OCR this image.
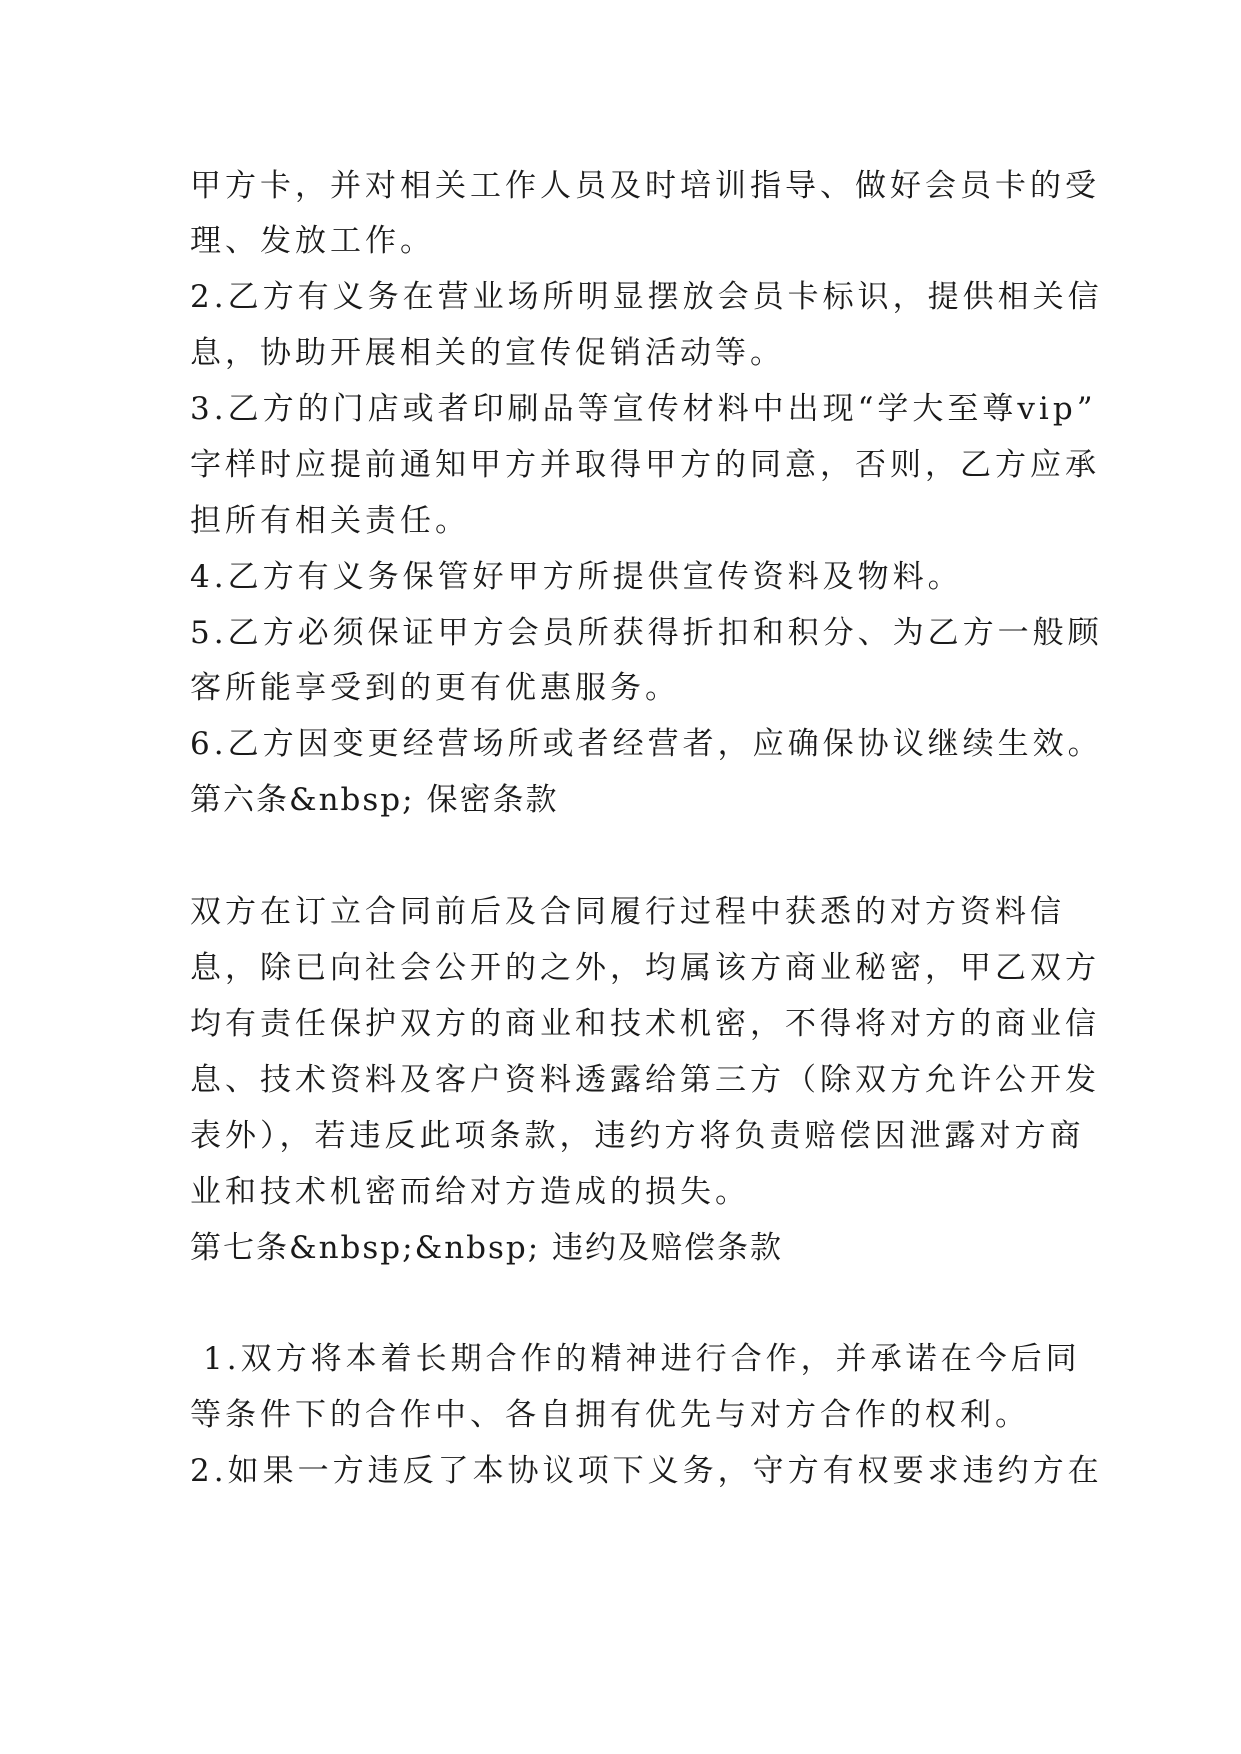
甲方卡，并对相关工作人员及时培训指导、做好会员卡的受
理、发放工作。
2.乙方有义务在营业场所明显摆放会员卡标识，提供相关信
息，协助开展相关的宣传促销活动等。
3.乙方的门店或者印刷品等宣传材料中出现“学大至尊vip”
字样时应提前通知甲方并取得甲方的同意，否则，乙方应承
担所有相关责任。
4.乙方有义务保管好甲方所提供宣传资料及物料。
5.乙方必须保证甲方会员所获得折扣和积分、为乙方一般顾
客所能享受到的更有优惠服务。
6.乙方因变更经营场所或者经营者，应确保协议继续生效。
第六条&nbsp; 保密条款
双方在订立合同前后及合同履行过程中获悉的对方资料信
息，除已向社会公开的之外，均属该方商业秘密，甲乙双方
均有责任保护双方的商业和技术机密，不得将对方的商业信
息、技术资料及客户资料透露给第三方（除双方允许公开发
表外），若违反此项条款，违约方将负责赔偿因泄露对方商
业和技术机密而给对方造成的损失。
第七条&nbsp;&nbsp; 违约及赔偿条款
1.双方将本着长期合作的精神进行合作，并承诺在今后同
等条件下的合作中、各自拥有优先与对方合作的权利。
2.如果一方违反了本协议项下义务，守方有权要求违约方在
